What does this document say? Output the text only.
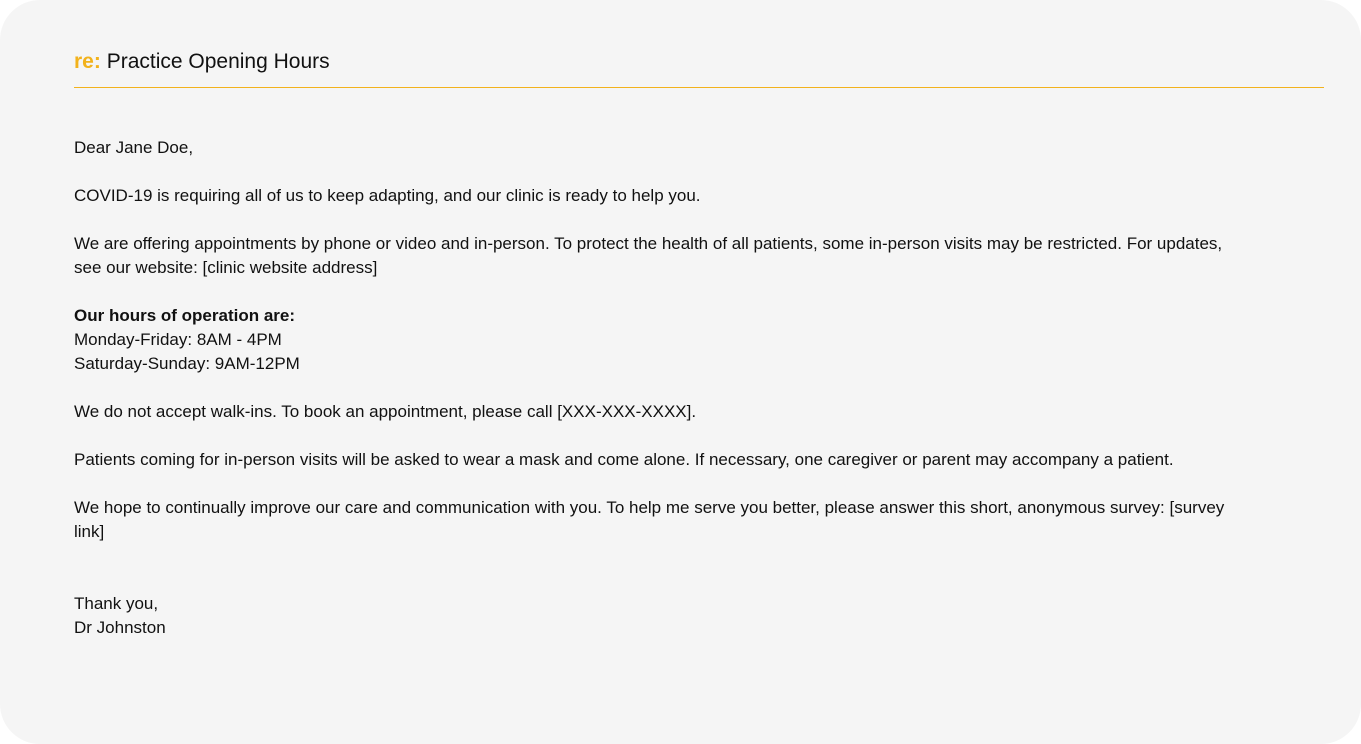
re: Practice Opening Hours

Dear Jane Doe,

COVID-19 is requiring all of us to keep adapting, and our clinic is ready to help you.

We are offering appointments by phone or video and in-person. To protect the health of all patients, some in-person visits may be restricted. For updates, see our website: [clinic website address]

Our hours of operation are:
Monday-Friday: 8AM - 4PM
Saturday-Sunday: 9AM-12PM

We do not accept walk-ins. To book an appointment, please call [XXX-XXX-XXXX].

Patients coming for in-person visits will be asked to wear a mask and come alone. If necessary, one caregiver or parent may accompany a patient.

We hope to continually improve our care and communication with you. To help me serve you better, please answer this short, anonymous survey: [survey link]

Thank you,
Dr Johnston
